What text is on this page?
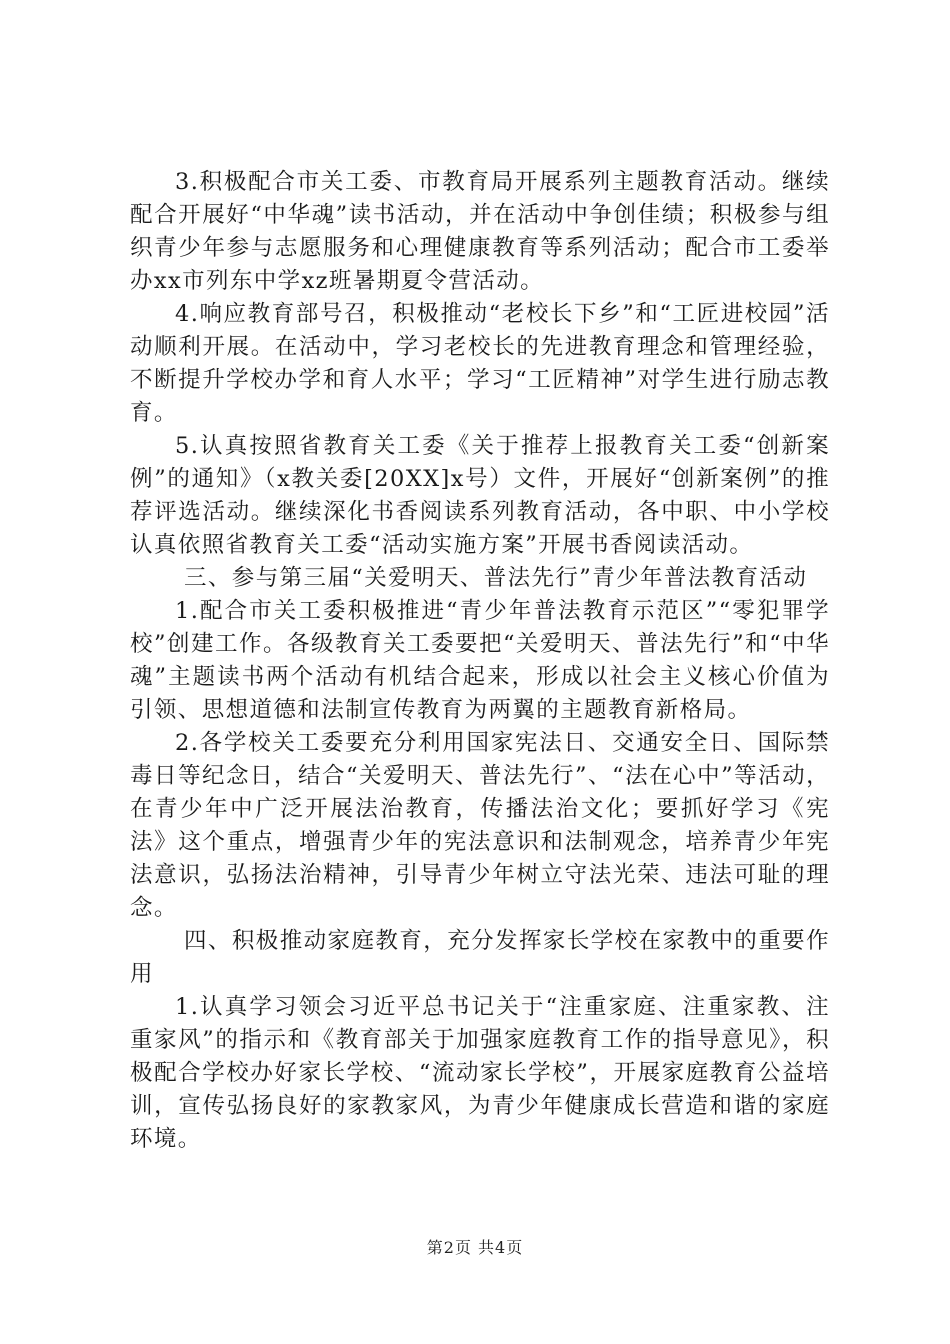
3.积极配合市关工委、市教育局开展系列主题教育活动。继续配合开展好“中华魂”读书活动，并在活动中争创佳绩；积极参与组织青少年参与志愿服务和心理健康教育等系列活动；配合市工委举办xx市列东中学xz班暑期夏令营活动。

4.响应教育部号召，积极推动“老校长下乡”和“工匠进校园”活动顺利开展。在活动中，学习老校长的先进教育理念和管理经验，不断提升学校办学和育人水平；学习“工匠精神”对学生进行励志教育。

5.认真按照省教育关工委《关于推荐上报教育关工委“创新案例”的通知》（x教关委[20XX]x号）文件，开展好“创新案例”的推荐评选活动。继续深化书香阅读系列教育活动，各中职、中小学校认真依照省教育关工委“活动实施方案”开展书香阅读活动。

三、参与第三届“关爱明天、普法先行”青少年普法教育活动

1.配合市关工委积极推进“青少年普法教育示范区”“零犯罪学校”创建工作。各级教育关工委要把“关爱明天、普法先行”和“中华魂”主题读书两个活动有机结合起来，形成以社会主义核心价值为引领、思想道德和法制宣传教育为两翼的主题教育新格局。

2.各学校关工委要充分利用国家宪法日、交通安全日、国际禁毒日等纪念日，结合“关爱明天、普法先行”、“法在心中”等活动，在青少年中广泛开展法治教育，传播法治文化；要抓好学习《宪法》这个重点，增强青少年的宪法意识和法制观念，培养青少年宪法意识，弘扬法治精神，引导青少年树立守法光荣、违法可耻的理念。

四、积极推动家庭教育，充分发挥家长学校在家教中的重要作用

1.认真学习领会习近平总书记关于“注重家庭、注重家教、注重家风”的指示和《教育部关于加强家庭教育工作的指导意见》，积极配合学校办好家长学校、“流动家长学校”，开展家庭教育公益培训，宣传弘扬良好的家教家风，为青少年健康成长营造和谐的家庭环境。

第2页 共4页
